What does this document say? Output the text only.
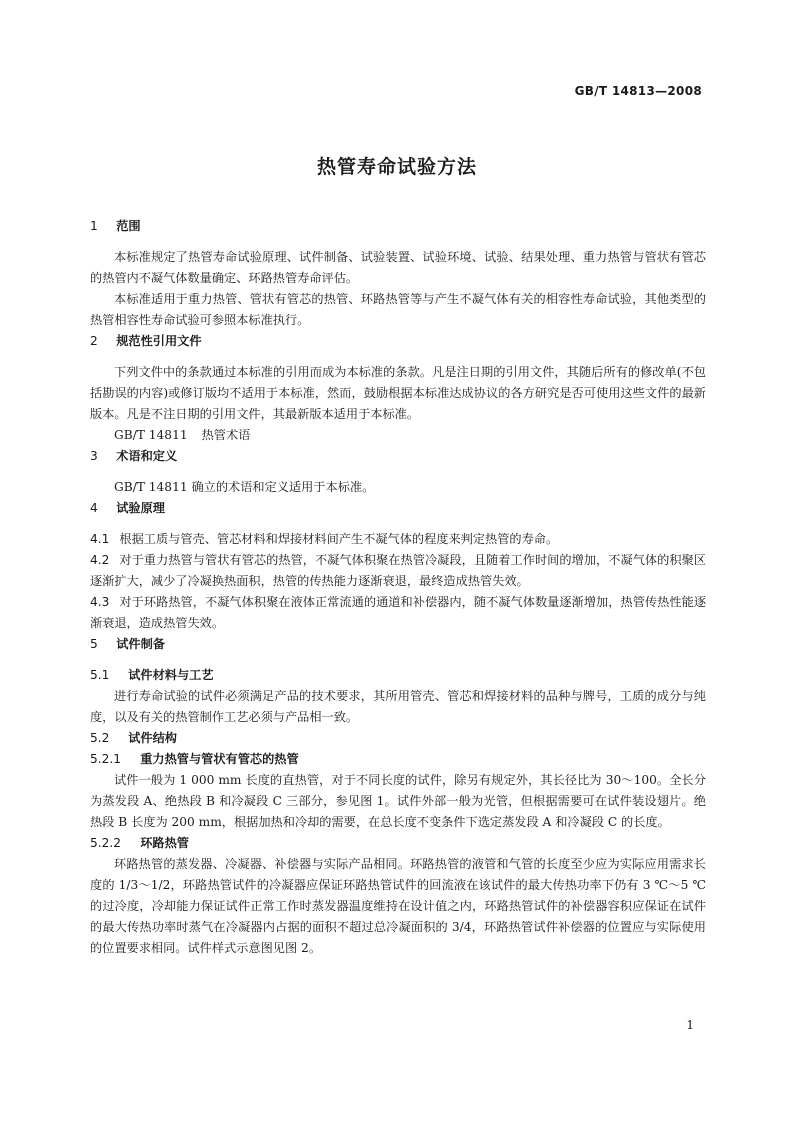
GB/T 14813—2008
热管寿命试验方法
1 范围

本标准规定了热管寿命试验原理、试件制备、试验装置、试验环境、试验、结果处理、重力热管与管状有管芯的热管内不凝气体数量确定、环路热管寿命评估。

本标准适用于重力热管、管状有管芯的热管、环路热管等与产生不凝气体有关的相容性寿命试验，其他类型的热管相容性寿命试验可参照本标准执行。

2 规范性引用文件

下列文件中的条款通过本标准的引用而成为本标准的条款。凡是注日期的引用文件，其随后所有的修改单(不包括勘误的内容)或修订版均不适用于本标准，然而，鼓励根据本标准达成协议的各方研究是否可使用这些文件的最新版本。凡是不注日期的引用文件，其最新版本适用于本标准。

GB/T 14811 热管术语

3 术语和定义

GB/T 14811 确立的术语和定义适用于本标准。

4 试验原理

4.1 根据工质与管壳、管芯材料和焊接材料间产生不凝气体的程度来判定热管的寿命。

4.2 对于重力热管与管状有管芯的热管，不凝气体积聚在热管冷凝段，且随着工作时间的增加，不凝气体的积聚区逐渐扩大，减少了冷凝换热面积，热管的传热能力逐渐衰退，最终造成热管失效。

4.3 对于环路热管，不凝气体积聚在液体正常流通的通道和补偿器内，随不凝气体数量逐渐增加，热管传热性能逐渐衰退，造成热管失效。

5 试件制备
5.1 试件材料与工艺

进行寿命试验的试件必须满足产品的技术要求，其所用管壳、管芯和焊接材料的品种与牌号，工质的成分与纯度，以及有关的热管制作工艺必须与产品相一致。

5.2 试件结构
5.2.1 重力热管与管状有管芯的热管

试件一般为 1 000 mm 长度的直热管，对于不同长度的试件，除另有规定外，其长径比为 30～100。全长分为蒸发段 A、绝热段 B 和冷凝段 C 三部分，参见图 1。试件外部一般为光管，但根据需要可在试件装设翅片。绝热段 B 长度为 200 mm，根据加热和冷却的需要，在总长度不变条件下选定蒸发段 A 和冷凝段 C 的长度。

5.2.2 环路热管

环路热管的蒸发器、冷凝器、补偿器与实际产品相同。环路热管的液管和气管的长度至少应为实际应用需求长度的 1/3～1/2，环路热管试件的冷凝器应保证环路热管试件的回流液在该试件的最大传热功率下仍有 3 ℃～5 ℃的过冷度，冷却能力保证试件正常工作时蒸发器温度维持在设计值之内，环路热管试件的补偿器容积应保证在试件的最大传热功率时蒸气在冷凝器内占据的面积不超过总冷凝面积的 3/4，环路热管试件补偿器的位置应与实际使用的位置要求相同。试件样式示意图见图 2。

1
